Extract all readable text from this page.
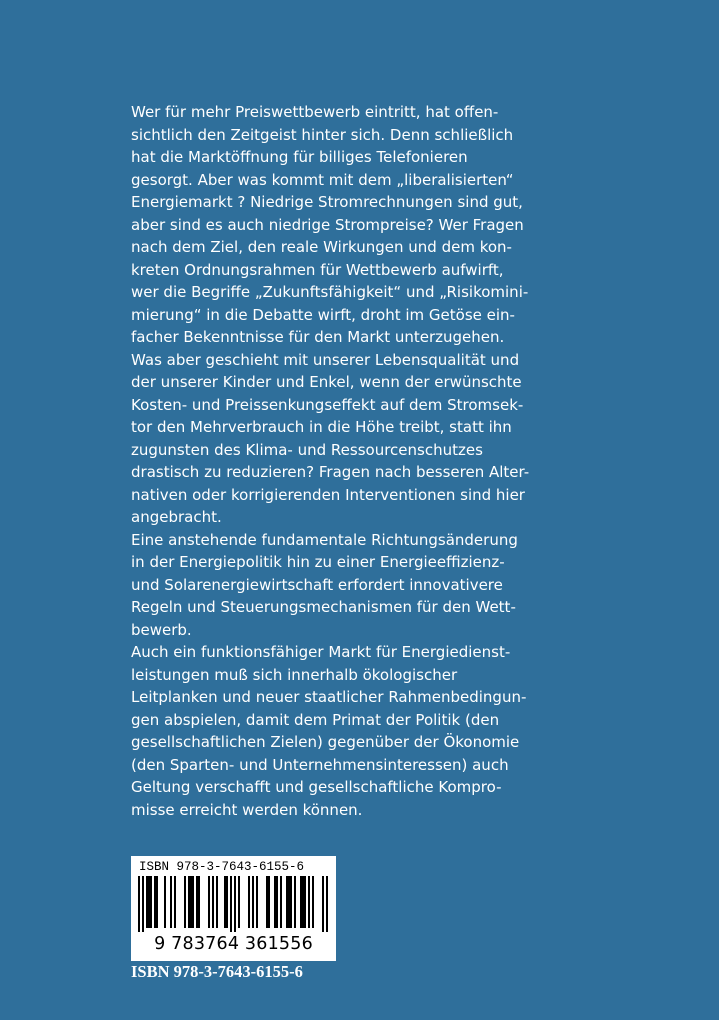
Wer für mehr Preiswettbewerb eintritt, hat offen-
sichtlich den Zeitgeist hinter sich. Denn schließlich
hat die Marktöffnung für billiges Telefonieren
gesorgt. Aber was kommt mit dem „liberalisierten“
Energiemarkt ? Niedrige Stromrechnungen sind gut,
aber sind es auch niedrige Strompreise? Wer Fragen
nach dem Ziel, den reale Wirkungen und dem kon-
kreten Ordnungsrahmen für Wettbewerb aufwirft,
wer die Begriffe „Zukunftsfähigkeit“ und „Risikomini-
mierung“ in die Debatte wirft, droht im Getöse ein-
facher Bekenntnisse für den Markt unterzugehen.
Was aber geschieht mit unserer Lebensqualität und
der unserer Kinder und Enkel, wenn der erwünschte
Kosten- und Preissenkungseffekt auf dem Stromsek-
tor den Mehrverbrauch in die Höhe treibt, statt ihn
zugunsten des Klima- und Ressourcenschutzes
drastisch zu reduzieren? Fragen nach besseren Alter-
nativen oder korrigierenden Interventionen sind hier
angebracht.
Eine anstehende fundamentale Richtungsänderung
in der Energiepolitik hin zu einer Energieeffizienz-
und Solarenergiewirtschaft erfordert innovativere
Regeln und Steuerungsmechanismen für den Wett-
bewerb.
Auch ein funktionsfähiger Markt für Energiedienst-
leistungen muß sich innerhalb ökologischer
Leitplanken und neuer staatlicher Rahmenbedingun-
gen abspielen, damit dem Primat der Politik (den
gesellschaftlichen Zielen) gegenüber der Ökonomie
(den Sparten- und Unternehmensinteressen) auch
Geltung verschafft und gesellschaftliche Kompro-
misse erreicht werden können.
ISBN 978-3-7643-6155-6
9 783764 361556
ISBN 978-3-7643-6155-6
